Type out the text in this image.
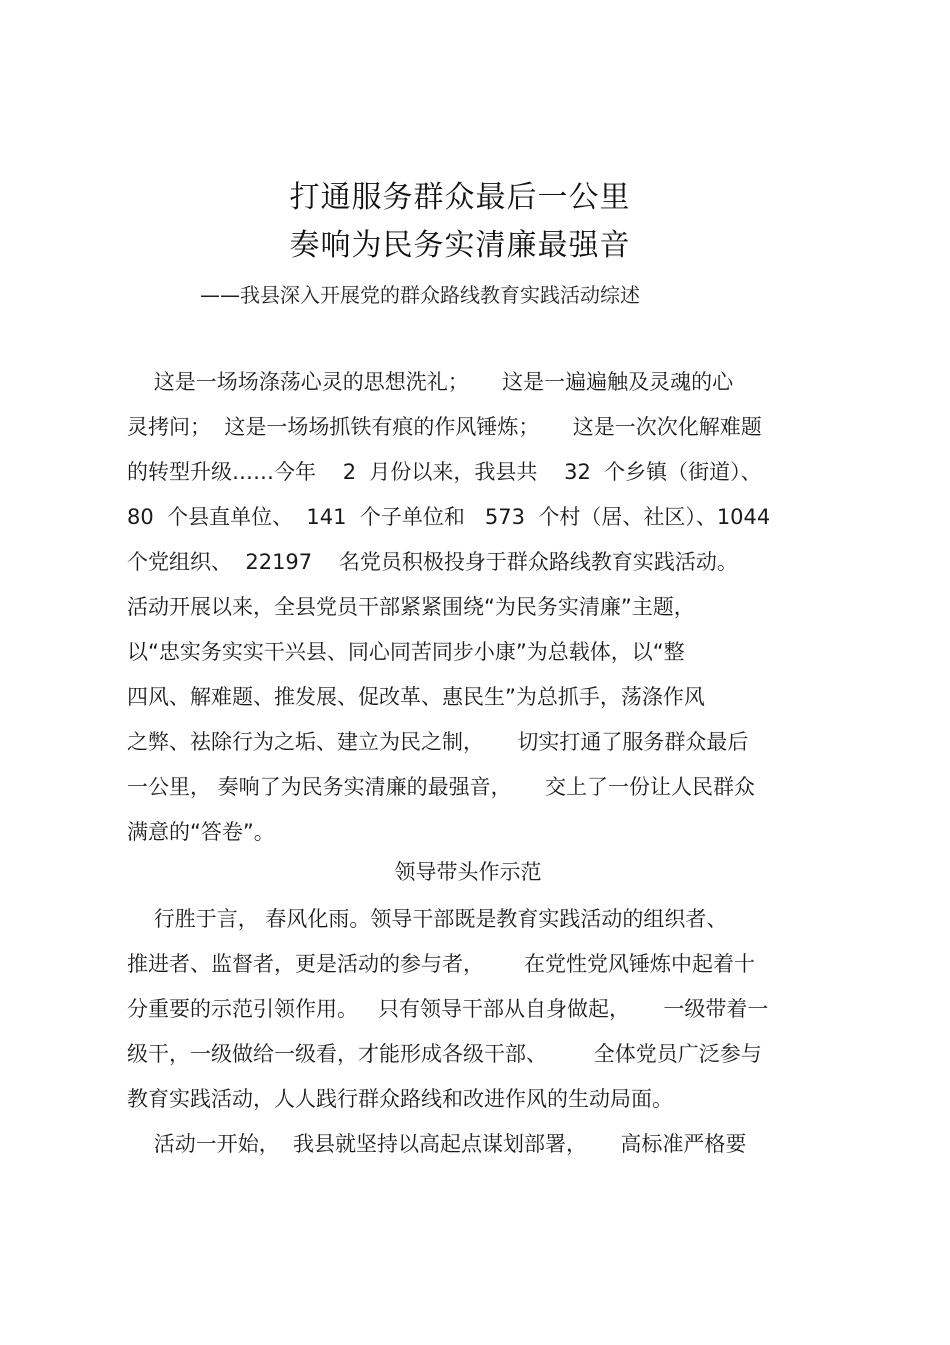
打通服务群众最后一公里
奏响为民务实清廉最强音
——我县深入开展党的群众路线教育实践活动综述
这是一场场涤荡心灵的思想洗礼；     这是一遍遍触及灵魂的心
灵拷问；  这是一场场抓铁有痕的作风锤炼；     这是一次次化解难题
的转型升级……今年    2  月份以来，我县共    32  个乡镇（街道）、
80  个县直单位、  141  个子单位和   573  个村（居、社区）、1044
个党组织、  22197    名党员积极投身于群众路线教育实践活动。
活动开展以来，全县党员干部紧紧围绕“为民务实清廉”主题，
以“忠实务实实干兴县、同心同苦同步小康”为总载体，以“整
四风、解难题、推发展、促改革、惠民生”为总抓手，荡涤作风
之弊、祛除行为之垢、建立为民之制，     切实打通了服务群众最后
一公里， 奏响了为民务实清廉的最强音，     交上了一份让人民群众
满意的“答卷”。
领导带头作示范
行胜于言， 春风化雨。领导干部既是教育实践活动的组织者、
推进者、监督者，更是活动的参与者，      在党性党风锤炼中起着十
分重要的示范引领作用。   只有领导干部从自身做起，     一级带着一
级干，一级做给一级看，才能形成各级干部、       全体党员广泛参与
教育实践活动，人人践行群众路线和改进作风的生动局面。
活动一开始，  我县就坚持以高起点谋划部署，     高标准严格要
